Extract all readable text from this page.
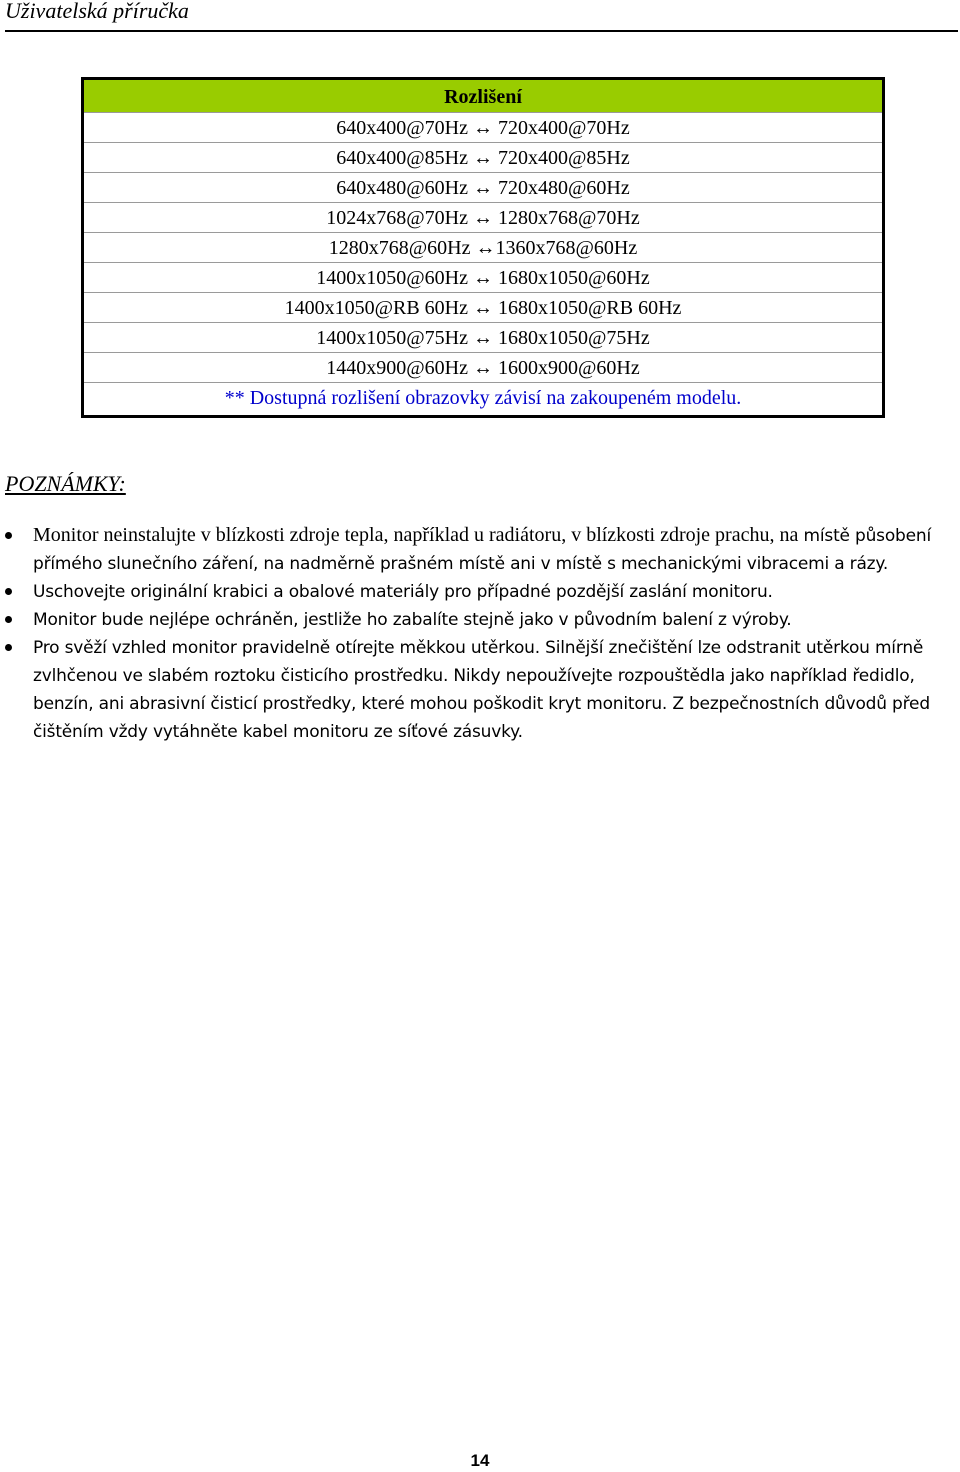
Uživatelská příručka
Rozlišení
640x400@70Hz ↔ 720x400@70Hz
640x400@85Hz ↔ 720x400@85Hz
640x480@60Hz ↔ 720x480@60Hz
1024x768@70Hz ↔ 1280x768@70Hz
1280x768@60Hz ↔1360x768@60Hz
1400x1050@60Hz ↔ 1680x1050@60Hz
1400x1050@RB 60Hz ↔ 1680x1050@RB 60Hz
1400x1050@75Hz ↔ 1680x1050@75Hz
1440x900@60Hz ↔ 1600x900@60Hz
** Dostupná rozlišení obrazovky závisí na zakoupeném modelu.
POZNÁMKY:
Monitor neinstalujte v blízkosti zdroje tepla, například u radiátoru, v blízkosti zdroje prachu, na místě působení přímého slunečního záření, na nadměrně prašném místě ani v místě s mechanickými vibracemi a rázy.
Uschovejte originální krabici a obalové materiály pro případné pozdější zaslání monitoru.
Monitor bude nejlépe ochráněn, jestliže ho zabalíte stejně jako v původním balení z výroby.
Pro svěží vzhled monitor pravidelně otírejte měkkou utěrkou. Silnější znečištění lze odstranit utěrkou mírně zvlhčenou ve slabém roztoku čisticího prostředku. Nikdy nepoužívejte rozpouštědla jako například ředidlo, benzín, ani abrasivní čisticí prostředky, které mohou poškodit kryt monitoru. Z bezpečnostních důvodů před čištěním vždy vytáhněte kabel monitoru ze síťové zásuvky.
14
